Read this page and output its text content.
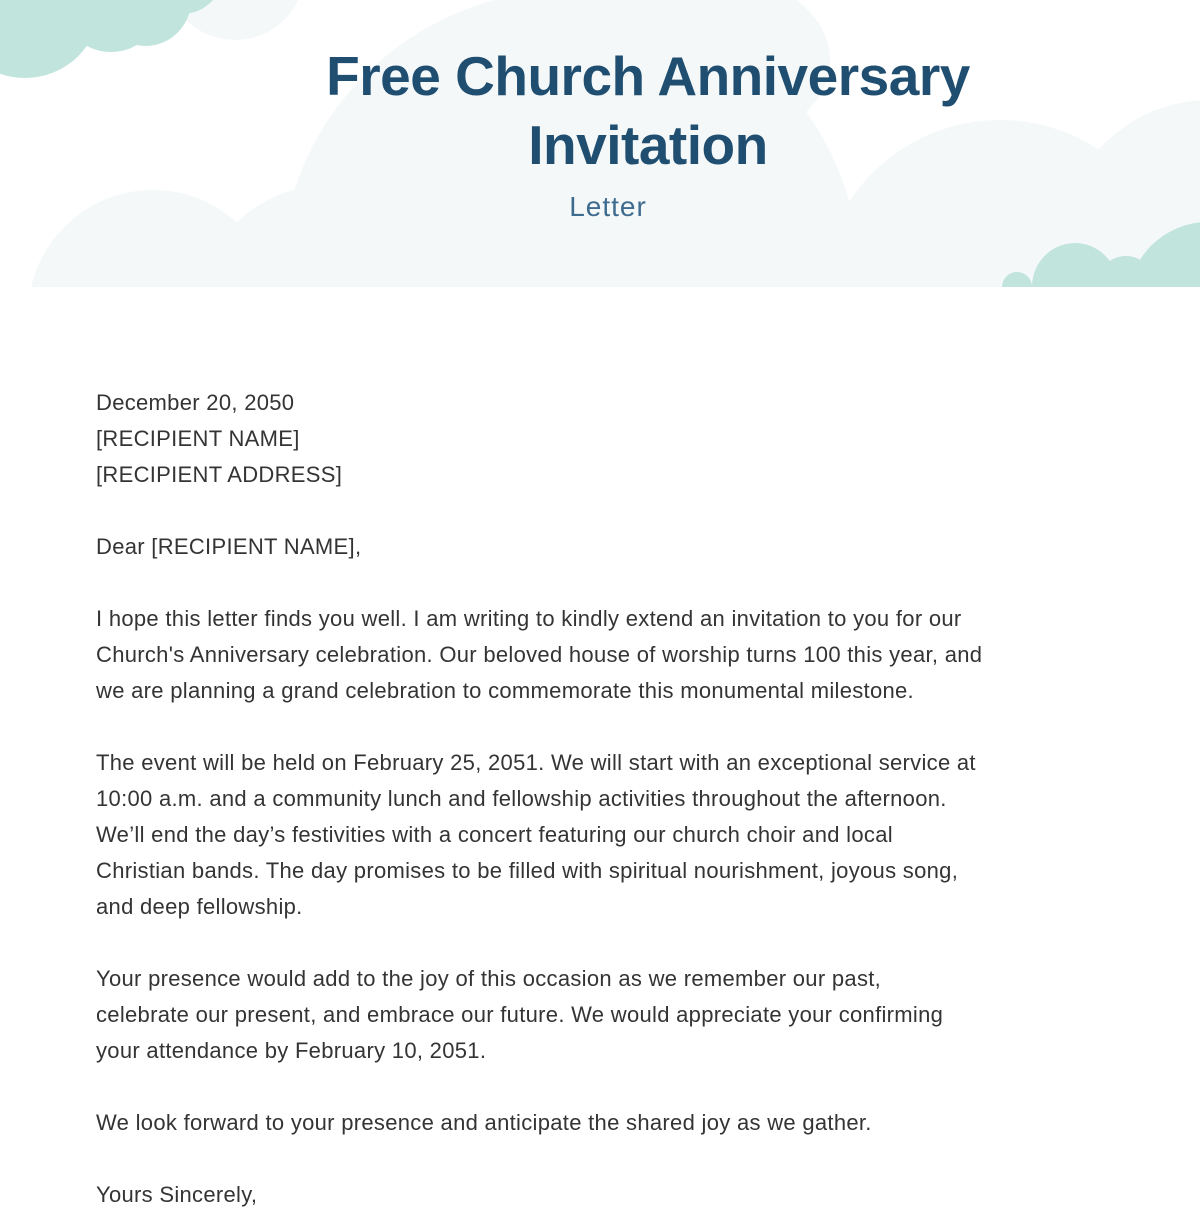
Free Church Anniversary
Invitation
Letter
December 20, 2050
[RECIPIENT NAME]
[RECIPIENT ADDRESS]
Dear [RECIPIENT NAME],
I hope this letter finds you well. I am writing to kindly extend an invitation to you for our
Church's Anniversary celebration. Our beloved house of worship turns 100 this year, and
we are planning a grand celebration to commemorate this monumental milestone.
The event will be held on February 25, 2051. We will start with an exceptional service at
10:00 a.m. and a community lunch and fellowship activities throughout the afternoon.
We’ll end the day’s festivities with a concert featuring our church choir and local
Christian bands. The day promises to be filled with spiritual nourishment, joyous song,
and deep fellowship.
Your presence would add to the joy of this occasion as we remember our past,
celebrate our present, and embrace our future. We would appreciate your confirming
your attendance by February 10, 2051.
We look forward to your presence and anticipate the shared joy as we gather.
Yours Sincerely,
